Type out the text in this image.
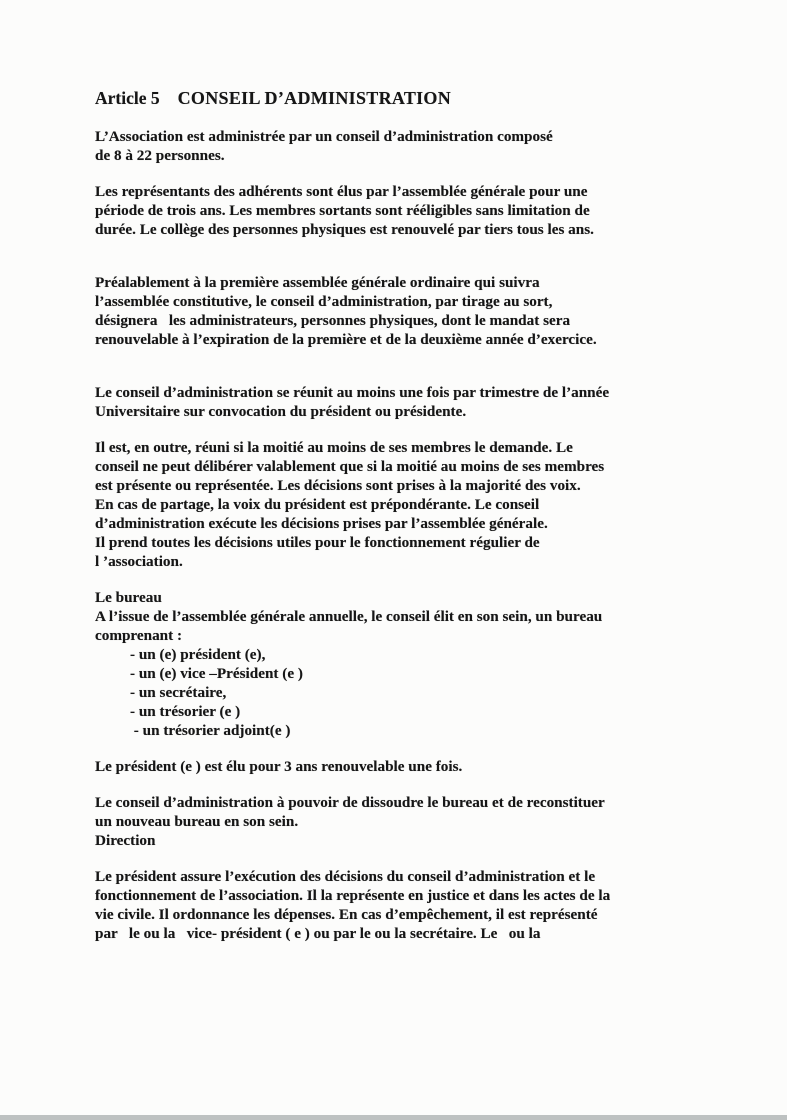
Article 5 CONSEIL D’ADMINISTRATION

L’Association est administrée par un conseil d’administration composé
de 8 à 22 personnes.

Les représentants des adhérents sont élus par l’assemblée générale pour une
période de trois ans. Les membres sortants sont rééligibles sans limitation de
durée. Le collège des personnes physiques est renouvelé par tiers tous les ans.

Préalablement à la première assemblée générale ordinaire qui suivra
l’assemblée constitutive, le conseil d’administration, par tirage au sort,
désignera   les administrateurs, personnes physiques, dont le mandat sera
renouvelable à l’expiration de la première et de la deuxième année d’exercice.

Le conseil d’administration se réunit au moins une fois par trimestre de l’année
Universitaire sur convocation du président ou présidente.

Il est, en outre, réuni si la moitié au moins de ses membres le demande. Le
conseil ne peut délibérer valablement que si la moitié au moins de ses membres
est présente ou représentée. Les décisions sont prises à la majorité des voix.
En cas de partage, la voix du président est prépondérante. Le conseil
d’administration exécute les décisions prises par l’assemblée générale.
Il prend toutes les décisions utiles pour le fonctionnement régulier de
l ’association.

Le bureau
A l’issue de l’assemblée générale annuelle, le conseil élit en son sein, un bureau
comprenant :

- un (e) président (e),
- un (e) vice –Président (e )
- un secrétaire,
- un trésorier (e )
- un trésorier adjoint(e )

Le président (e ) est élu pour 3 ans renouvelable une fois.

Le conseil d’administration à pouvoir de dissoudre le bureau et de reconstituer
un nouveau bureau en son sein.
Direction

Le président assure l’exécution des décisions du conseil d’administration et le
fonctionnement de l’association. Il la représente en justice et dans les actes de la
vie civile. Il ordonnance les dépenses. En cas d’empêchement, il est représenté
par   le ou la   vice- président ( e ) ou par le ou la secrétaire. Le   ou la
